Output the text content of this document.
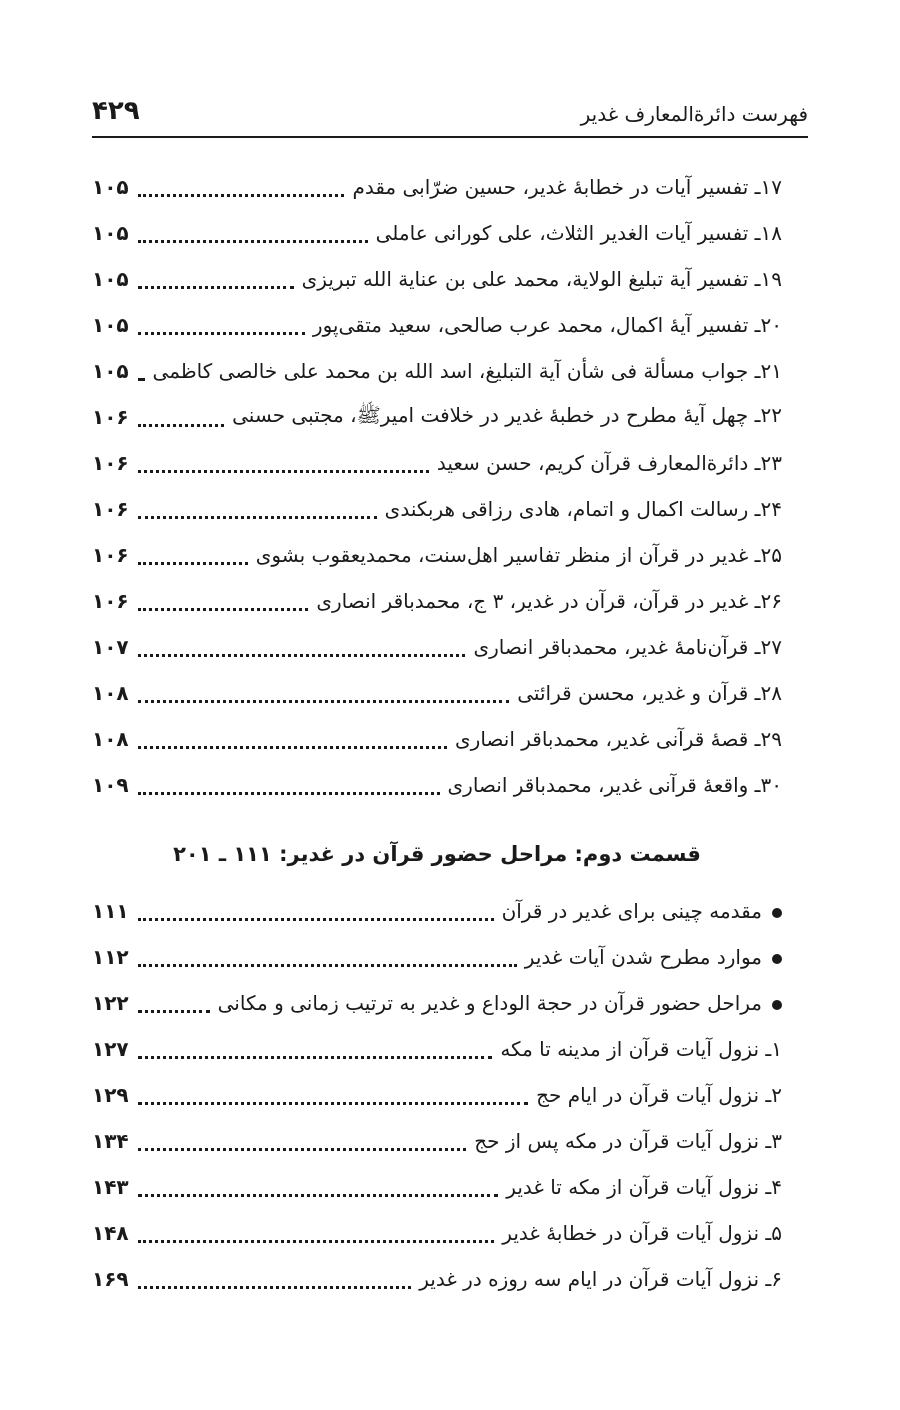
فهرست دائرةالمعارف غدیر
۴۲۹
۱۷ـ تفسیر آیات در خطابهٔ غدیر، حسین ضرّابی مقدم
۱۰۵
۱۸ـ تفسیر آیات الغدیر الثلاث، علی کورانی عاملی
۱۰۵
۱۹ـ تفسیر آیة تبلیغ الولایة، محمد علی بن عنایة الله تبریزی
۱۰۵
۲۰ـ تفسیر آیهٔ اکمال، محمد عرب صالحی، سعید متقی‌پور
۱۰۵
۲۱ـ جواب مسألة فی شأن آیة التبلیغ، اسد الله بن محمد علی خالصی کاظمی
۱۰۵
۲۲ـ چهل آیهٔ مطرح در خطبهٔ غدیر در خلافت امیرﷺ، مجتبی حسنی
۱۰۶
۲۳ـ دائرةالمعارف قرآن کریم، حسن سعید
۱۰۶
۲۴ـ رسالت اکمال و اتمام، هادی رزاقی هربکندی
۱۰۶
۲۵ـ غدیر در قرآن از منظر تفاسیر اهل‌سنت، محمدیعقوب بشوی
۱۰۶
۲۶ـ غدیر در قرآن، قرآن در غدیر، ۳ ج، محمدباقر انصاری
۱۰۶
۲۷ـ قرآن‌نامهٔ غدیر، محمدباقر انصاری
۱۰۷
۲۸ـ قرآن و غدیر، محسن قرائتی
۱۰۸
۲۹ـ قصهٔ قرآنی غدیر، محمدباقر انصاری
۱۰۸
۳۰ـ واقعهٔ قرآنی غدیر، محمدباقر انصاری
۱۰۹
قسمت دوم: مراحل حضور قرآن در غدیر: ۱۱۱ ـ ۲۰۱
مقدمه چینی برای غدیر در قرآن
۱۱۱
موارد مطرح شدن آیات غدیر
۱۱۲
مراحل حضور قرآن در حجة الوداع و غدیر به ترتیب زمانی و مکانی
۱۲۲
۱ـ نزول آیات قرآن از مدینه تا مکه
۱۲۷
۲ـ نزول آیات قرآن در ایام حج
۱۲۹
۳ـ نزول آیات قرآن در مکه پس از حج
۱۳۴
۴ـ نزول آیات قرآن از مکه تا غدیر
۱۴۳
۵ـ نزول آیات قرآن در خطابهٔ غدیر
۱۴۸
۶ـ نزول آیات قرآن در ایام سه روزه در غدیر
۱۶۹
